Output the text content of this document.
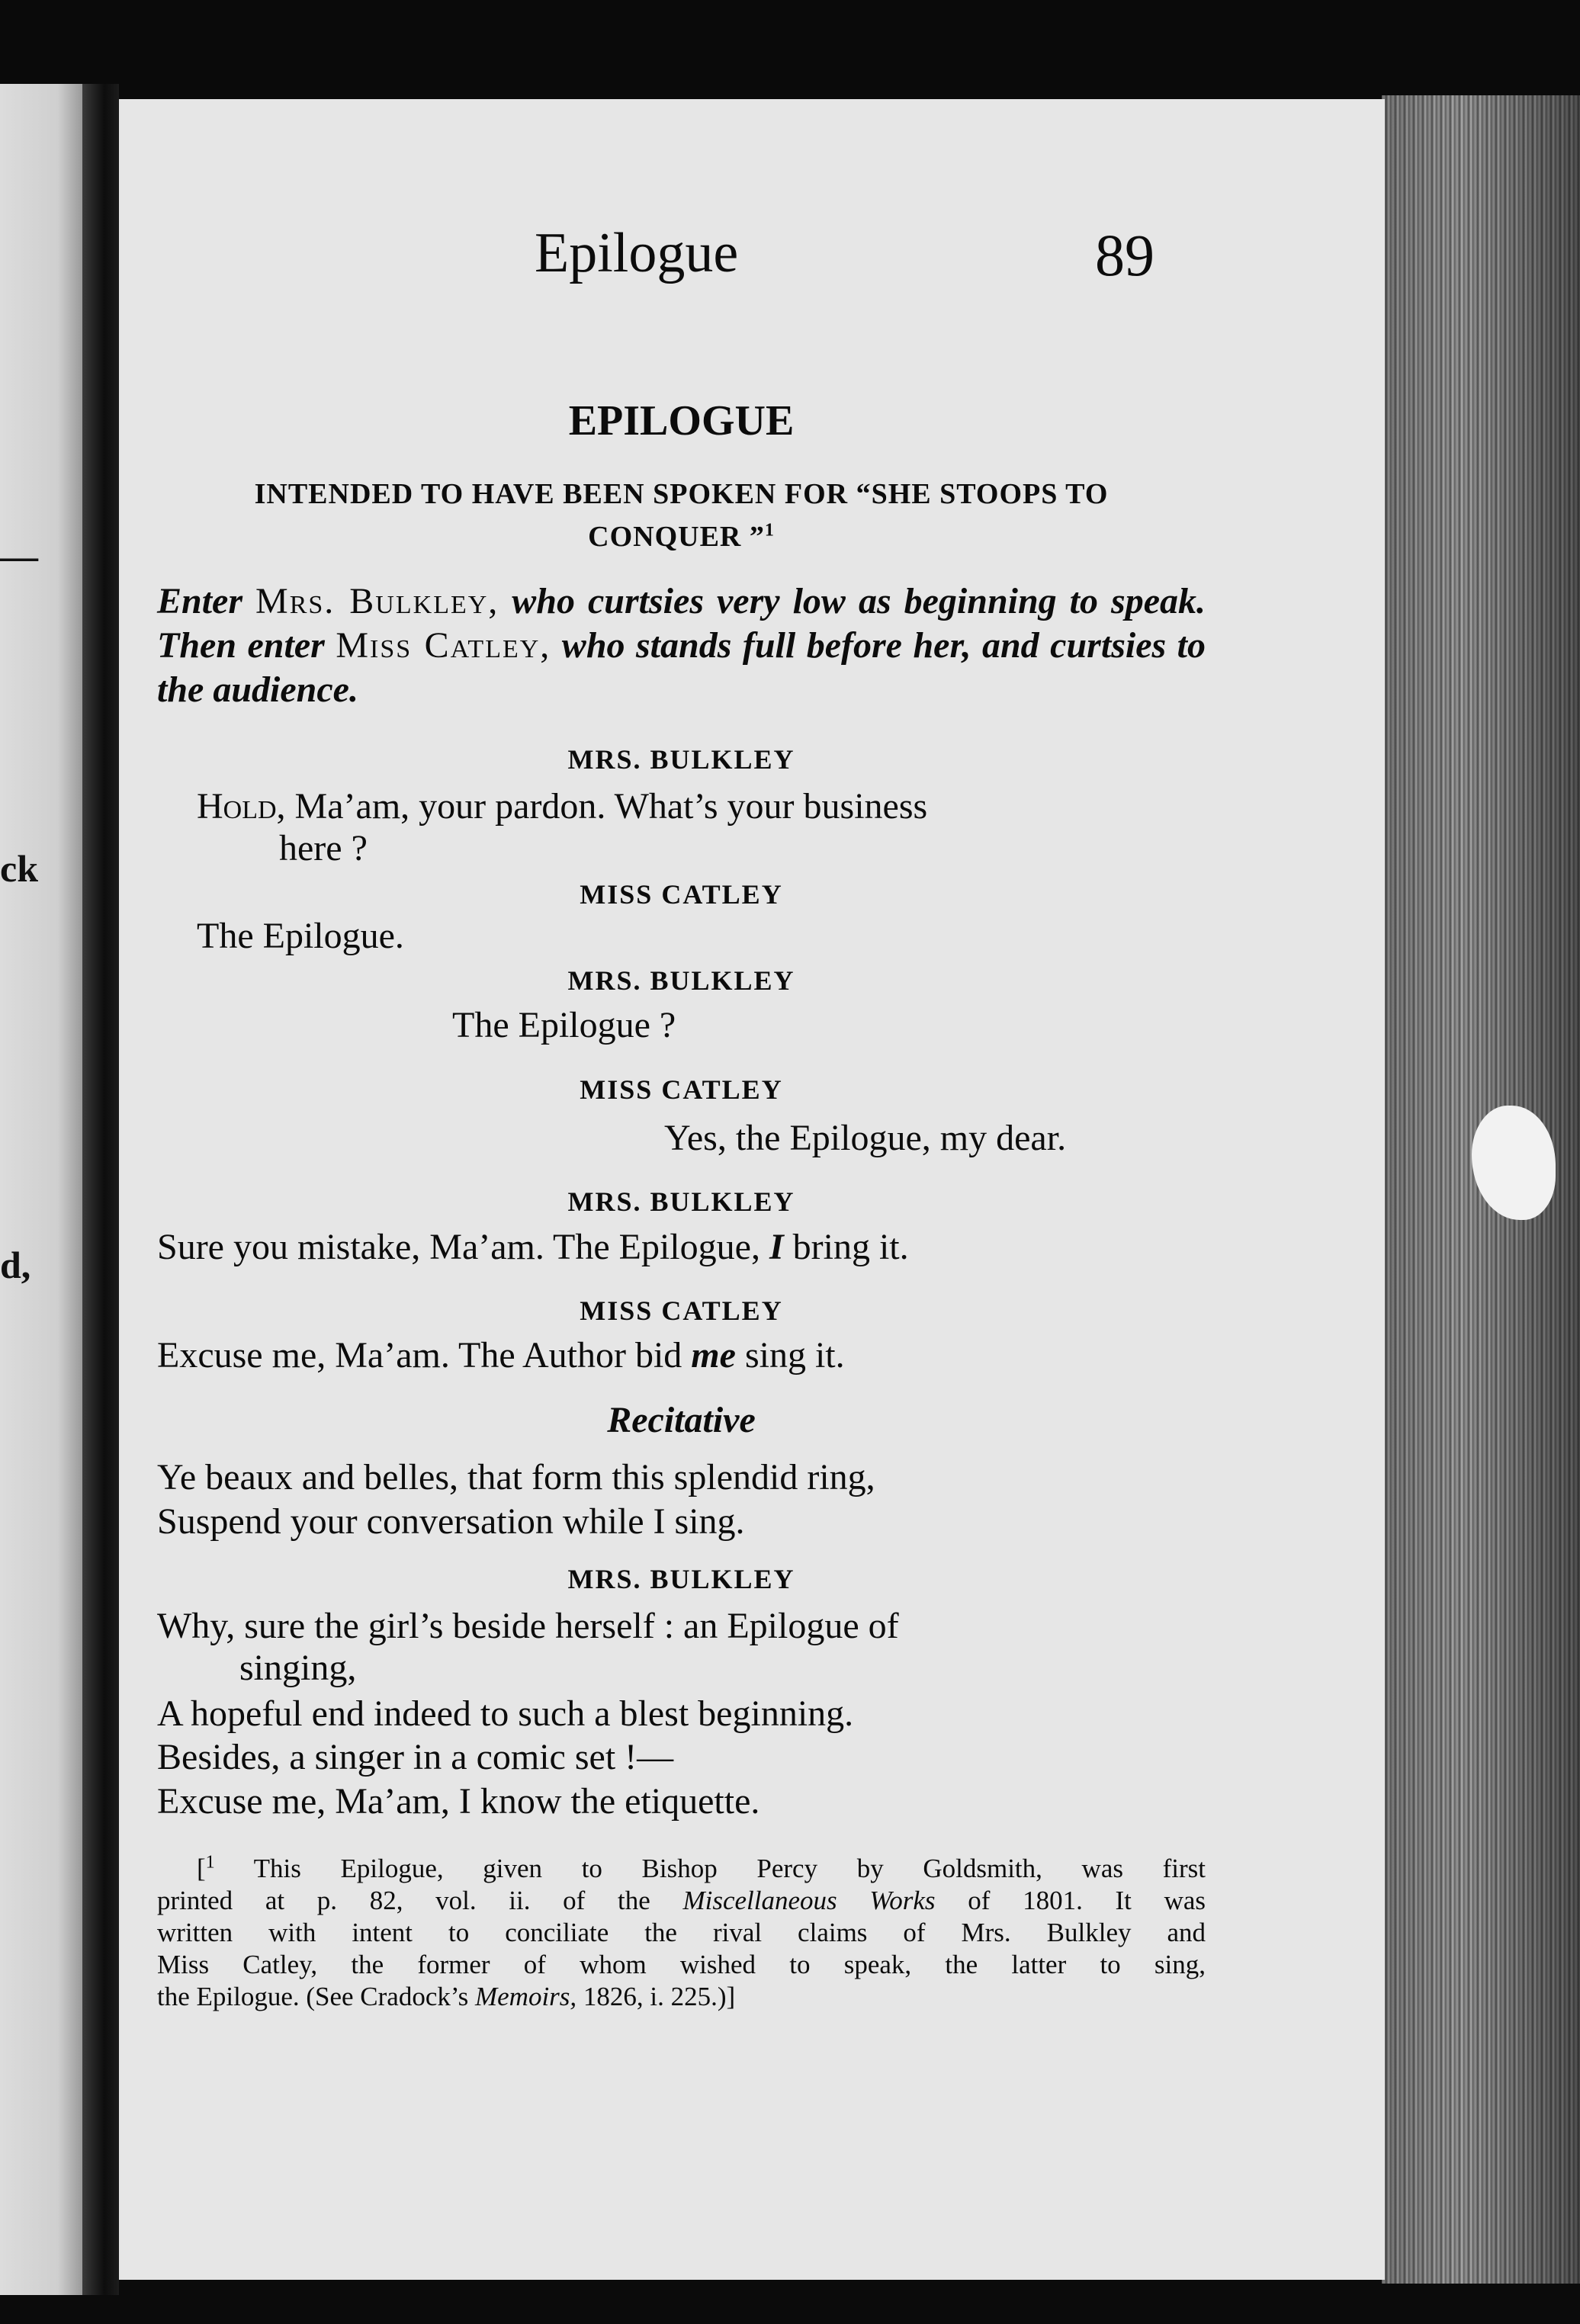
—
ck
d,
Epilogue	89
EPILOGUE
INTENDED TO HAVE BEEN SPOKEN FOR “SHE STOOPS TO
CONQUER ”$^1$
Enter Mrs. Bulkley, who curtsies very low as beginning to speak. Then enter Miss Catley, who stands full before her, and curtsies to the audience.
MRS. BULKLEY
Hold, Ma’am, your pardon. What’s your business
here ?
MISS CATLEY
The Epilogue.
MRS. BULKLEY
The Epilogue ?
MISS CATLEY
Yes, the Epilogue, my dear.
MRS. BULKLEY
Sure you mistake, Ma’am. The Epilogue, I bring it.
MISS CATLEY
Excuse me, Ma’am. The Author bid me sing it.
Recitative
Ye beaux and belles, that form this splendid ring,
Suspend your conversation while I sing.
MRS. BULKLEY
Why, sure the girl’s beside herself : an Epilogue of
singing,
A hopeful end indeed to such a blest beginning.
Besides, a singer in a comic set !—
Excuse me, Ma’am, I know the etiquette.
[$^1$ This Epilogue, given to Bishop Percy by Goldsmith, was first
printed at p. 82, vol. ii. of the Miscellaneous Works of 1801. It was
written with intent to conciliate the rival claims of Mrs. Bulkley and
Miss Catley, the former of whom wished to speak, the latter to sing,
the Epilogue. (See Cradock’s Memoirs, 1826, i. 225.)]
